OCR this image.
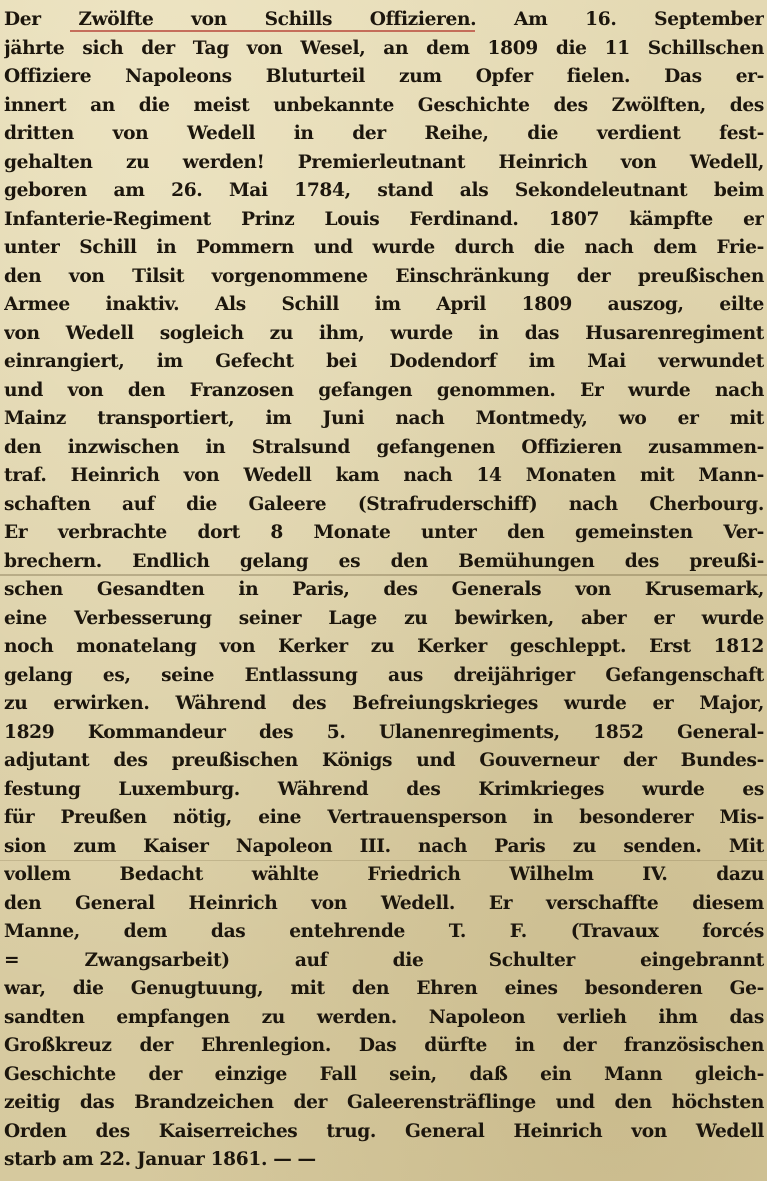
Der Zwölfte von Schills Offizieren. Am 16. September
jährte sich der Tag von Wesel, an dem 1809 die 11 Schillschen
Offiziere Napoleons Bluturteil zum Opfer fielen. Das er-
innert an die meist unbekannte Geschichte des Zwölften, des
dritten von Wedell in der Reihe, die verdient fest-
gehalten zu werden! Premierleutnant Heinrich von Wedell,
geboren am 26. Mai 1784, stand als Sekondeleutnant beim
Infanterie-Regiment Prinz Louis Ferdinand. 1807 kämpfte er
unter Schill in Pommern und wurde durch die nach dem Frie-
den von Tilsit vorgenommene Einschränkung der preußischen
Armee inaktiv. Als Schill im April 1809 auszog, eilte
von Wedell sogleich zu ihm, wurde in das Husarenregiment
einrangiert, im Gefecht bei Dodendorf im Mai verwundet
und von den Franzosen gefangen genommen. Er wurde nach
Mainz transportiert, im Juni nach Montmedy, wo er mit
den inzwischen in Stralsund gefangenen Offizieren zusammen-
traf. Heinrich von Wedell kam nach 14 Monaten mit Mann-
schaften auf die Galeere (Strafruderschiff) nach Cherbourg.
Er verbrachte dort 8 Monate unter den gemeinsten Ver-
brechern. Endlich gelang es den Bemühungen des preußi-
schen Gesandten in Paris, des Generals von Krusemark,
eine Verbesserung seiner Lage zu bewirken, aber er wurde
noch monatelang von Kerker zu Kerker geschleppt. Erst 1812
gelang es, seine Entlassung aus dreijähriger Gefangenschaft
zu erwirken. Während des Befreiungskrieges wurde er Major,
1829 Kommandeur des 5. Ulanenregiments, 1852 General-
adjutant des preußischen Königs und Gouverneur der Bundes-
festung Luxemburg. Während des Krimkrieges wurde es
für Preußen nötig, eine Vertrauensperson in besonderer Mis-
sion zum Kaiser Napoleon III. nach Paris zu senden. Mit
vollem Bedacht wählte Friedrich Wilhelm IV. dazu
den General Heinrich von Wedell. Er verschaffte diesem
Manne, dem das entehrende T. F. (Travaux forcés
= Zwangsarbeit) auf die Schulter eingebrannt
war, die Genugtuung, mit den Ehren eines besonderen Ge-
sandten empfangen zu werden. Napoleon verlieh ihm das
Großkreuz der Ehrenlegion. Das dürfte in der französischen
Geschichte der einzige Fall sein, daß ein Mann gleich-
zeitig das Brandzeichen der Galeerensträflinge und den höchsten
Orden des Kaiserreiches trug. General Heinrich von Wedell
starb am 22. Januar 1861. — —
